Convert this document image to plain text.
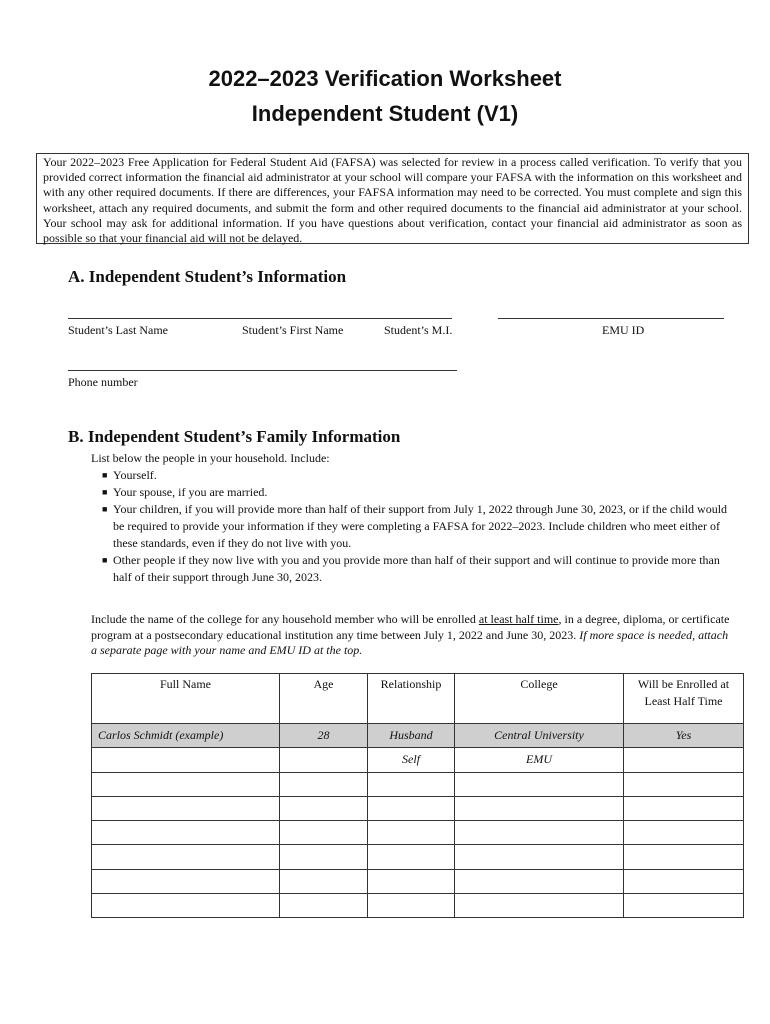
2022–2023 Verification Worksheet
Independent Student (V1)
Your 2022–2023 Free Application for Federal Student Aid (FAFSA) was selected for review in a process called verification. To verify that you provided correct information the financial aid administrator at your school will compare your FAFSA with the information on this worksheet and with any other required documents. If there are differences, your FAFSA information may need to be corrected. You must complete and sign this worksheet, attach any required documents, and submit the form and other required documents to the financial aid administrator at your school. Your school may ask for additional information. If you have questions about verification, contact your financial aid administrator as soon as possible so that your financial aid will not be delayed.
A. Independent Student’s Information
Student’s Last Name	Student’s First Name	Student’s M.I.	EMU ID
Phone number
B. Independent Student’s Family Information
List below the people in your household. Include:
■ Yourself.
■ Your spouse, if you are married.
■ Your children, if you will provide more than half of their support from July 1, 2022 through June 30, 2023, or if the child would be required to provide your information if they were completing a FAFSA for 2022–2023. Include children who meet either of these standards, even if they do not live with you.
■ Other people if they now live with you and you provide more than half of their support and will continue to provide more than half of their support through June 30, 2023.
Include the name of the college for any household member who will be enrolled at least half time, in a degree, diploma, or certificate program at a postsecondary educational institution any time between July 1, 2022 and June 30, 2023. If more space is needed, attach a separate page with your name and EMU ID at the top.
Full Name	Age	Relationship	College	Will be Enrolled at Least Half Time
Carlos Schmidt (example)	28	Husband	Central University	Yes
		Self	EMU	
